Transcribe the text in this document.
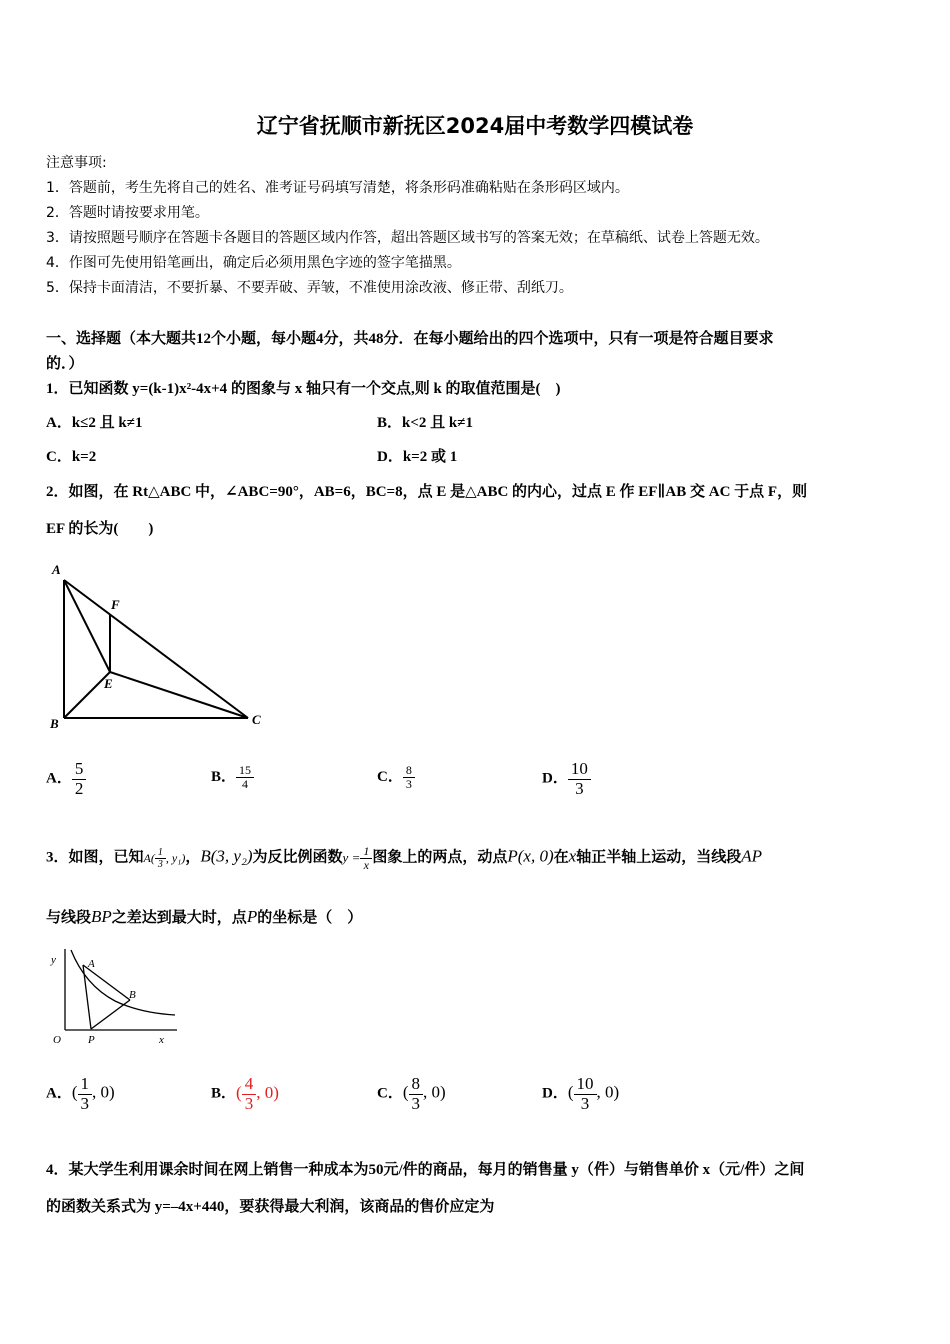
辽宁省抚顺市新抚区2024届中考数学四模试卷
注意事项:
1．答题前，考生先将自己的姓名、准考证号码填写清楚，将条形码准确粘贴在条形码区域内。
2．答题时请按要求用笔。
3．请按照题号顺序在答题卡各题目的答题区域内作答，超出答题区域书写的答案无效；在草稿纸、试卷上答题无效。
4．作图可先使用铅笔画出，确定后必须用黑色字迹的签字笔描黑。
5．保持卡面清洁，不要折暴、不要弄破、弄皱，不准使用涂改液、修正带、刮纸刀。
一、选择题（本大题共12个小题，每小题4分，共48分．在每小题给出的四个选项中，只有一项是符合题目要求
的．）
1．已知函数 y=(k-1)x²-4x+4 的图象与 x 轴只有一个交点,则 k 的取值范围是(　)
A．k≤2 且 k≠1	B．k<2 且 k≠1
C．k=2	D．k=2 或 1
2．如图，在 Rt△ABC 中，∠ABC=90°，AB=6，BC=8，点 E 是△ABC 的内心，过点 E 作 EF∥AB 交 AC 于点 F，则
EF 的长为(　　)
A
B	C
E
F
A． $\frac{5}{2}$	B． $\frac{15}{4}$	C． $\frac{8}{3}$	D． $\frac{10}{3}$
3．如图，已知$A( \frac{1}{3}$ , y₁)，B(3, y₂)为反比例函数$y = \frac{1}{x}$ 图象上的两点，动点P(x, 0)在x轴正半轴上运动，当线段AP
与线段BP之差达到最大时，点P的坐标是（　）
y	A
B
O P	x
A．( $\frac{1}{3}$ , 0)	B．( $\frac{4}{3}$ , 0)	C．( $\frac{8}{3}$ , 0)	D．( $\frac{10}{3}$ , 0)
4．某大学生利用课余时间在网上销售一种成本为50元/件的商品，每月的销售量 y（件）与销售单价 x（元/件）之间
的函数关系式为 y=–4x+440，要获得最大利润，该商品的售价应定为
